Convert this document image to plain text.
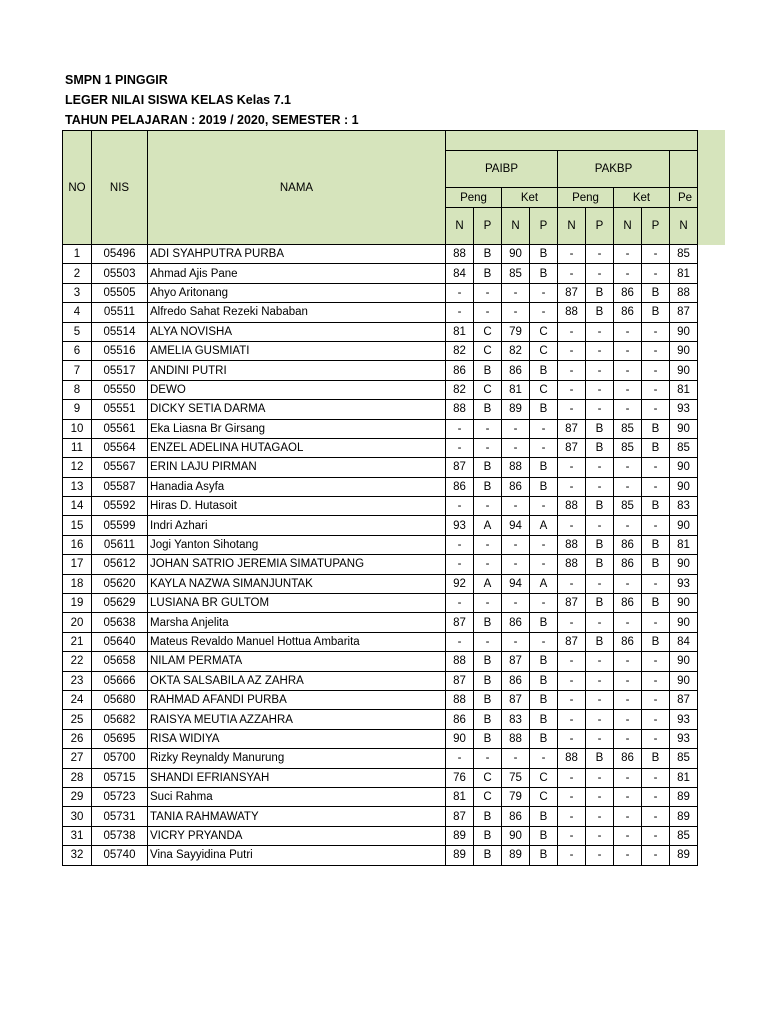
SMPN 1 PINGGIR
LEGER NILAI SISWA KELAS Kelas 7.1
TAHUN PELAJARAN : 2019 / 2020, SEMESTER : 1
NO	NIS	NAMA									
			PAIBP				PAKBP				
			Peng		Ket		Peng		Ket		Pe
			N	P	N	P	N	P	N	P	N
1	05496	ADI SYAHPUTRA PURBA	88	B	90	B	-	-	-	-	85
2	05503	Ahmad Ajis Pane	84	B	85	B	-	-	-	-	81
3	05505	Ahyo Aritonang	-	-	-	-	87	B	86	B	88
4	05511	Alfredo Sahat Rezeki Nababan	-	-	-	-	88	B	86	B	87
5	05514	ALYA NOVISHA	81	C	79	C	-	-	-	-	90
6	05516	AMELIA GUSMIATI	82	C	82	C	-	-	-	-	90
7	05517	ANDINI PUTRI	86	B	86	B	-	-	-	-	90
8	05550	DEWO	82	C	81	C	-	-	-	-	81
9	05551	DICKY SETIA DARMA	88	B	89	B	-	-	-	-	93
10	05561	Eka Liasna Br Girsang	-	-	-	-	87	B	85	B	90
11	05564	ENZEL ADELINA HUTAGAOL	-	-	-	-	87	B	85	B	85
12	05567	ERIN LAJU PIRMAN	87	B	88	B	-	-	-	-	90
13	05587	Hanadia Asyfa	86	B	86	B	-	-	-	-	90
14	05592	Hiras D. Hutasoit	-	-	-	-	88	B	85	B	83
15	05599	Indri Azhari	93	A	94	A	-	-	-	-	90
16	05611	Jogi Yanton Sihotang	-	-	-	-	88	B	86	B	81
17	05612	JOHAN SATRIO JEREMIA SIMATUPANG	-	-	-	-	88	B	86	B	90
18	05620	KAYLA NAZWA SIMANJUNTAK	92	A	94	A	-	-	-	-	93
19	05629	LUSIANA BR GULTOM	-	-	-	-	87	B	86	B	90
20	05638	Marsha Anjelita	87	B	86	B	-	-	-	-	90
21	05640	Mateus Revaldo Manuel Hottua Ambarita	-	-	-	-	87	B	86	B	84
22	05658	NILAM PERMATA	88	B	87	B	-	-	-	-	90
23	05666	OKTA SALSABILA AZ ZAHRA	87	B	86	B	-	-	-	-	90
24	05680	RAHMAD AFANDI PURBA	88	B	87	B	-	-	-	-	87
25	05682	RAISYA MEUTIA AZZAHRA	86	B	83	B	-	-	-	-	93
26	05695	RISA WIDIYA	90	B	88	B	-	-	-	-	93
27	05700	Rizky Reynaldy Manurung	-	-	-	-	88	B	86	B	85
28	05715	SHANDI EFRIANSYAH	76	C	75	C	-	-	-	-	81
29	05723	Suci Rahma	81	C	79	C	-	-	-	-	89
30	05731	TANIA RAHMAWATY	87	B	86	B	-	-	-	-	89
31	05738	VICRY PRYANDA	89	B	90	B	-	-	-	-	85
32	05740	Vina Sayyidina Putri	89	B	89	B	-	-	-	-	89
